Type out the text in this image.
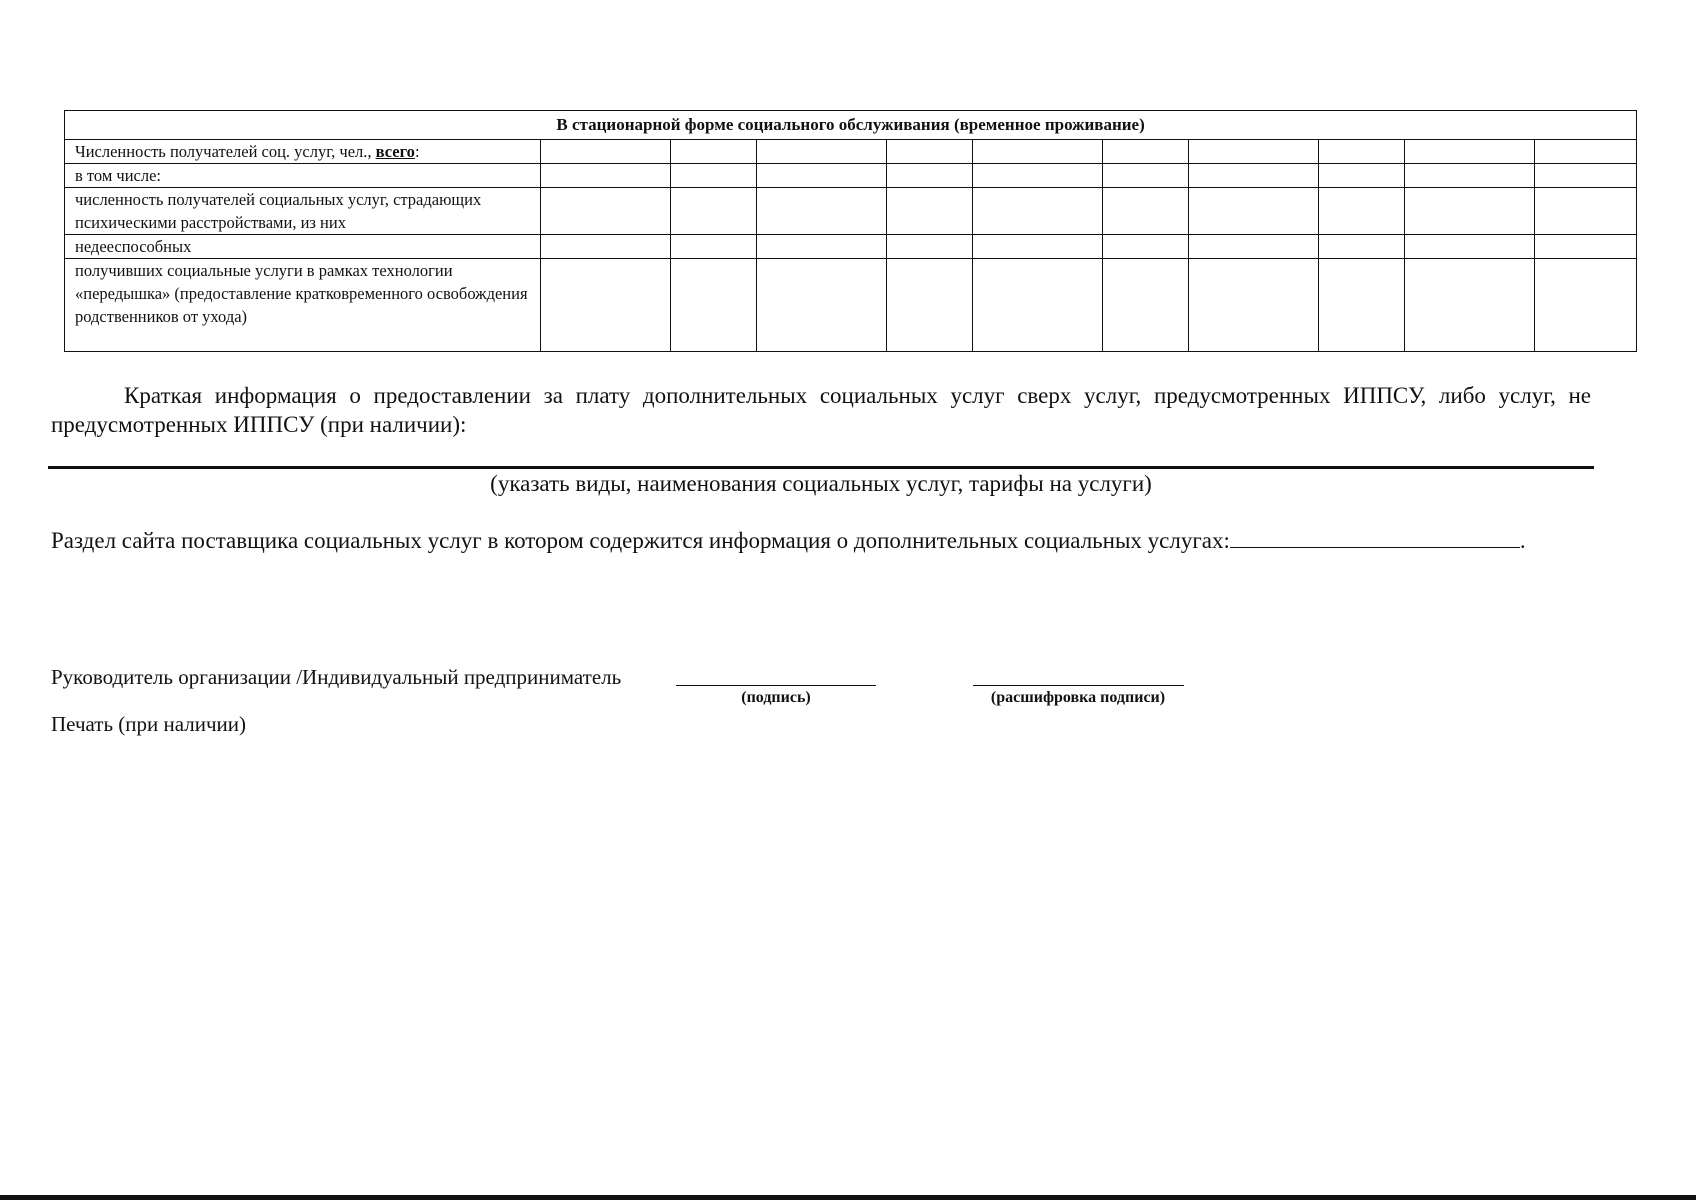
В стационарной форме социального обслуживания (временное проживание)										
Численность получателей соц. услуг, чел., всего:										
в том числе:										
численность получателей социальных услуг, страдающих психическими расстройствами, из них										
недееспособных										
получивших социальные услуги в рамках технологии «передышка» (предоставление кратковременного освобождения родственников от ухода)										
Краткая информация о предоставлении за плату дополнительных социальных услуг сверх услуг, предусмотренных ИППСУ, либо услуг, не предусмотренных ИППСУ (при наличии):
(указать виды, наименования социальных услуг, тарифы на услуги)
Раздел сайта поставщика социальных услуг в котором содержится информация о дополнительных социальных услугах:	.
Руководитель организации /Индивидуальный предприниматель
(подпись)	(расшифровка подписи)
Печать (при наличии)
